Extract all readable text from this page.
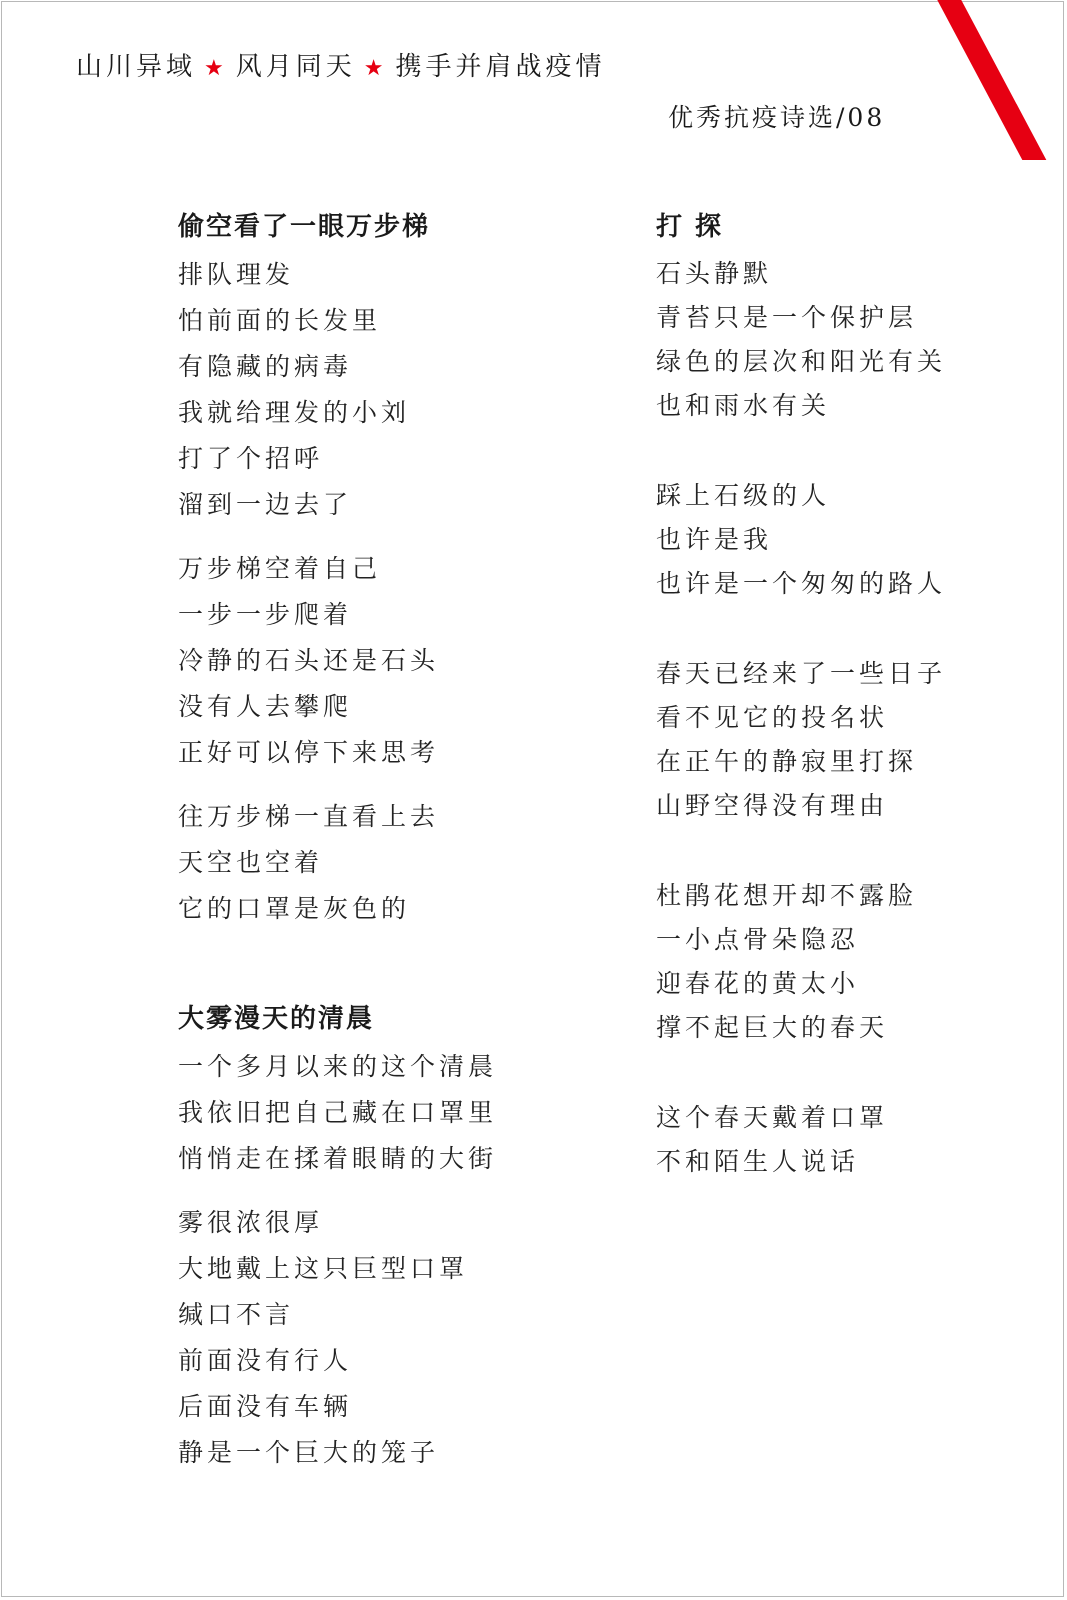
山川异域 ★ 风月同天 ★ 携手并肩战疫情
优秀抗疫诗选/08
偷空看了一眼万步梯
排队理发
怕前面的长发里
有隐藏的病毒
我就给理发的小刘
打了个招呼
溜到一边去了
万步梯空着自己
一步一步爬着
冷静的石头还是石头
没有人去攀爬
正好可以停下来思考
往万步梯一直看上去
天空也空着
它的口罩是灰色的
大雾漫天的清晨
一个多月以来的这个清晨
我依旧把自己藏在口罩里
悄悄走在揉着眼睛的大街
雾很浓很厚
大地戴上这只巨型口罩
缄口不言
前面没有行人
后面没有车辆
静是一个巨大的笼子
打 探
石头静默
青苔只是一个保护层
绿色的层次和阳光有关
也和雨水有关
踩上石级的人
也许是我
也许是一个匆匆的路人
春天已经来了一些日子
看不见它的投名状
在正午的静寂里打探
山野空得没有理由
杜鹃花想开却不露脸
一小点骨朵隐忍
迎春花的黄太小
撑不起巨大的春天
这个春天戴着口罩
不和陌生人说话
